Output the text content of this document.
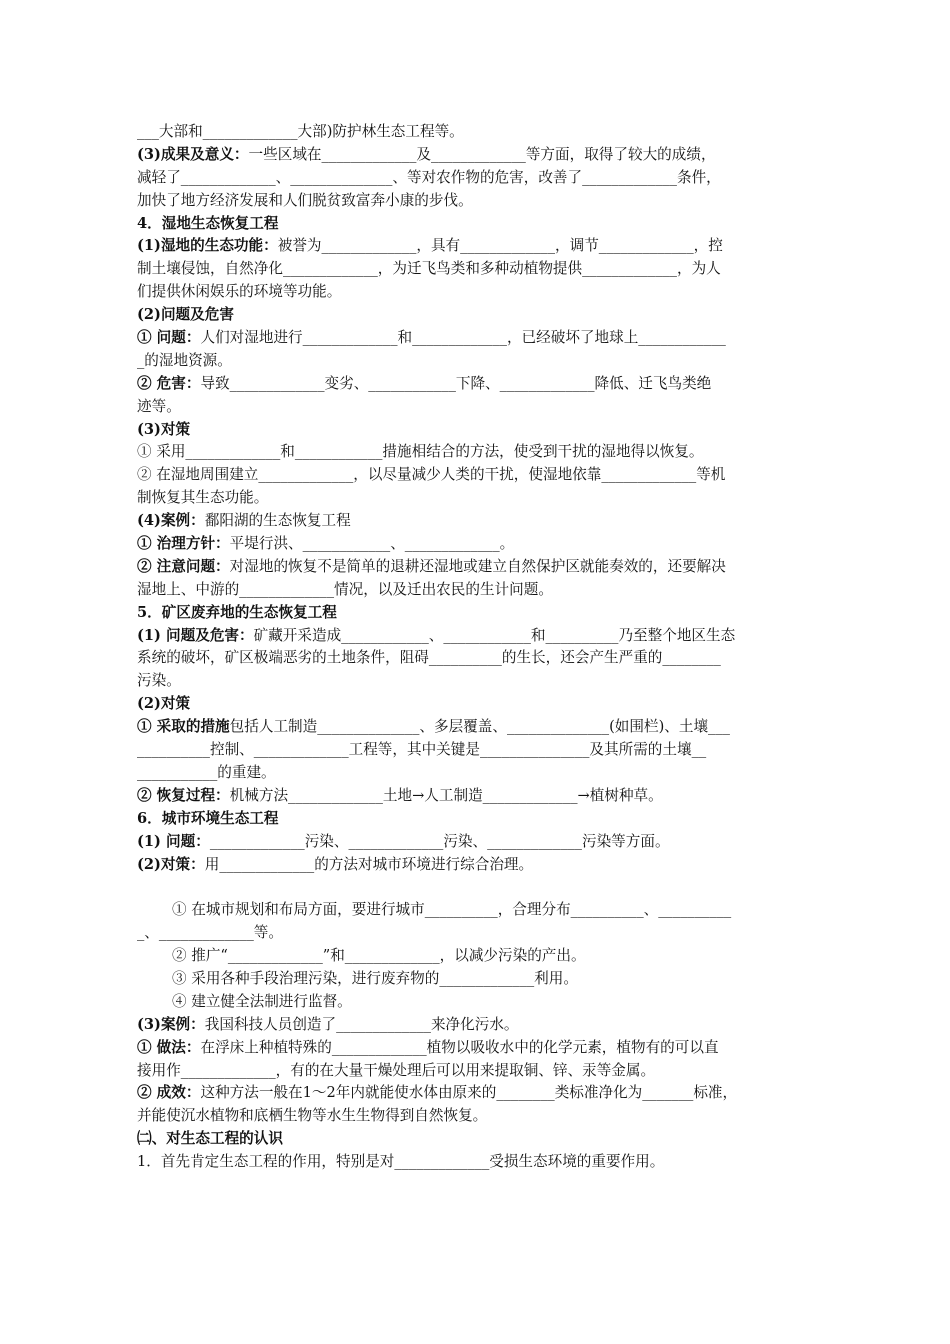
___大部和_____________大部)防护林生态工程等。
(3)成果及意义：一些区域在_____________及_____________等方面，取得了较大的成绩，
减轻了_____________、______________、等对农作物的危害，改善了_____________条件，
加快了地方经济发展和人们脱贫致富奔小康的步伐。
4．湿地生态恢复工程
(1)湿地的生态功能：被誉为_____________，具有_____________，调节_____________，控
制土壤侵蚀，自然净化_____________，为迁飞鸟类和多种动植物提供_____________，为人
们提供休闲娱乐的环境等功能。
(2)问题及危害
① 问题：人们对湿地进行_____________和_____________，已经破坏了地球上____________
_的湿地资源。
② 危害：导致_____________变劣、____________下降、_____________降低、迁飞鸟类绝
迹等。
(3)对策
① 采用_____________和____________措施相结合的方法，使受到干扰的湿地得以恢复。
② 在湿地周围建立_____________，以尽量减少人类的干扰，使湿地依靠_____________等机
制恢复其生态功能。
(4)案例：鄱阳湖的生态恢复工程
① 治理方针：平堤行洪、____________、_____________。
② 注意问题：对湿地的恢复不是简单的退耕还湿地或建立自然保护区就能奏效的，还要解决
湿地上、中游的_____________情况，以及迁出农民的生计问题。
5．矿区废弃地的生态恢复工程
(1) 问题及危害：矿藏开采造成____________、____________和__________乃至整个地区生态
系统的破坏，矿区极端恶劣的土地条件，阻碍__________的生长，还会产生严重的________
污染。
(2)对策
① 采取的措施包括人工制造______________、多层覆盖、______________(如围栏)、土壤___
__________控制、_____________工程等，其中关键是_______________及其所需的土壤__
___________的重建。
② 恢复过程：机械方法_____________土地→人工制造_____________→植树种草。
6．城市环境生态工程
(1) 问题：_____________污染、_____________污染、_____________污染等方面。
(2)对策：用_____________的方法对城市环境进行综合治理。
① 在城市规划和布局方面，要进行城市__________，合理分布__________、__________
_、_____________等。
② 推广“_____________”和_____________，以减少污染的产出。
③ 采用各种手段治理污染，进行废弃物的_____________利用。
④ 建立健全法制进行监督。
(3)案例：我国科技人员创造了_____________来净化污水。
① 做法：在浮床上种植特殊的_____________植物以吸收水中的化学元素，植物有的可以直
接用作_____________，有的在大量干燥处理后可以用来提取铜、锌、汞等金属。
② 成效：这种方法一般在1～2年内就能使水体由原来的________类标准净化为_______标准，
并能使沉水植物和底栖生物等水生生物得到自然恢复。
㈡、对生态工程的认识
1．首先肯定生态工程的作用，特别是对_____________受损生态环境的重要作用。
